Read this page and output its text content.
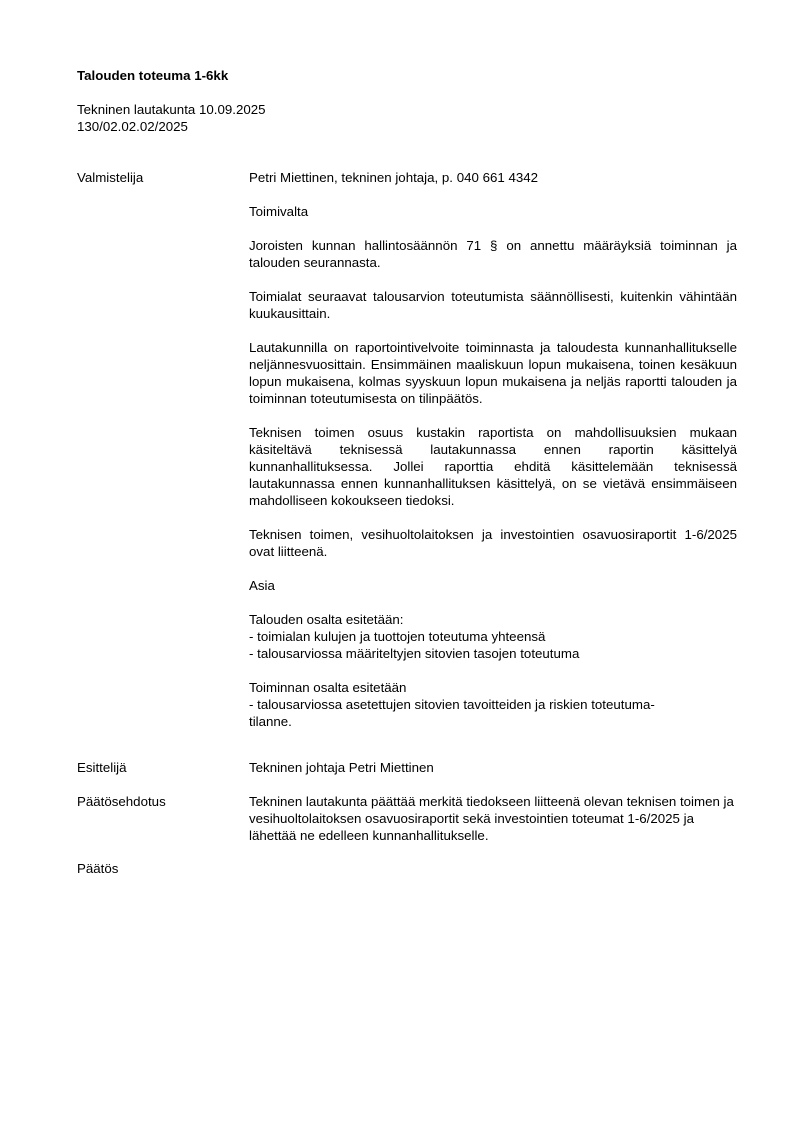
Talouden toteuma 1-6kk
Tekninen lautakunta 10.09.2025
130/02.02.02/2025
Valmistelija	Petri Miettinen, tekninen johtaja, p. 040 661 4342

Toimivalta

Joroisten kunnan hallintosäännön 71 § on annettu määräyksiä toiminnan ja talouden seurannasta.

Toimialat seuraavat talousarvion toteutumista säännöllisesti, kuitenkin vähintään kuukausittain.

Lautakunnilla on raportointivelvoite toiminnasta ja taloudesta kunnanhallitukselle neljännesvuosittain. Ensimmäinen maaliskuun lopun mukaisena, toinen kesäkuun lopun mukaisena, kolmas syyskuun lopun mukaisena ja neljäs raportti talouden ja toiminnan toteutumisesta on tilinpäätös.

Teknisen toimen osuus kustakin raportista on mahdollisuuksien mukaan käsiteltävä teknisessä lautakunnassa ennen raportin käsittelyä kunnanhallituksessa. Jollei raporttia ehditä käsittelemään teknisessä lautakunnassa ennen kunnanhallituksen käsittelyä, on se vietävä ensimmäiseen mahdolliseen kokoukseen tiedoksi.

Teknisen toimen, vesihuoltolaitoksen ja investointien osavuosiraportit 1-6/2025 ovat liitteenä.

Asia

Talouden osalta esitetään:

- toimialan kulujen ja tuottojen toteutuma yhteensä

- talousarviossa määriteltyjen sitovien tasojen toteutuma

Toiminnan osalta esitetään

- talousarviossa asetettujen sitovien tavoitteiden ja riskien toteutuma-
tilanne.

Esittelijä	Tekninen johtaja Petri Miettinen
Päätösehdotus	Tekninen lautakunta päättää merkitä tiedokseen liitteenä olevan teknisen toimen ja vesihuoltolaitoksen osavuosiraportit sekä investointien toteumat 1-6/2025 ja lähettää ne edelleen kunnanhallitukselle.
Päätös
